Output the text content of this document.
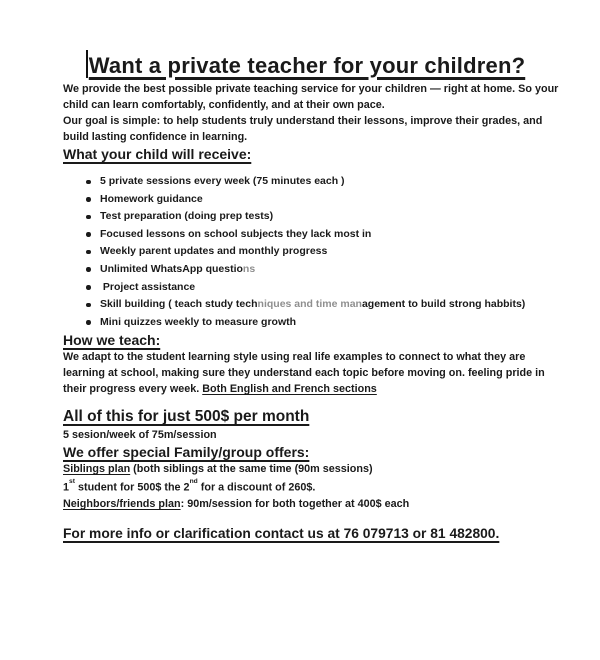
Want a private teacher for your children?

We provide the best possible private teaching service for your children — right at home. So your child can learn comfortably, confidently, and at their own pace.

Our goal is simple: to help students truly understand their lessons, improve their grades, and build lasting confidence in learning.

What your child will receive:
5 private sessions every week (75 minutes each )
Homework guidance
Test preparation (doing prep tests)
Focused lessons on school subjects they lack most in
Weekly parent updates and monthly progress
Unlimited WhatsApp questions
Project assistance
Skill building ( teach study techniques and time management to build strong habbits)
Mini quizzes weekly to measure growth
How we teach:

We adapt to the student learning style using real life examples to connect to what they are learning at school, making sure they understand each topic before moving on. feeling pride in their progress every week. Both English and French sections

All of this for just 500$ per month

5 sesion/week of 75m/session

We offer special Family/group offers:

Siblings plan (both siblings at the same time (90m sessions)

1st student for 500$ the 2nd for a discount of 260$.

Neighbors/friends plan: 90m/session for both together at 400$ each

For more info or clarification contact us at 76 079713 or 81 482800.
